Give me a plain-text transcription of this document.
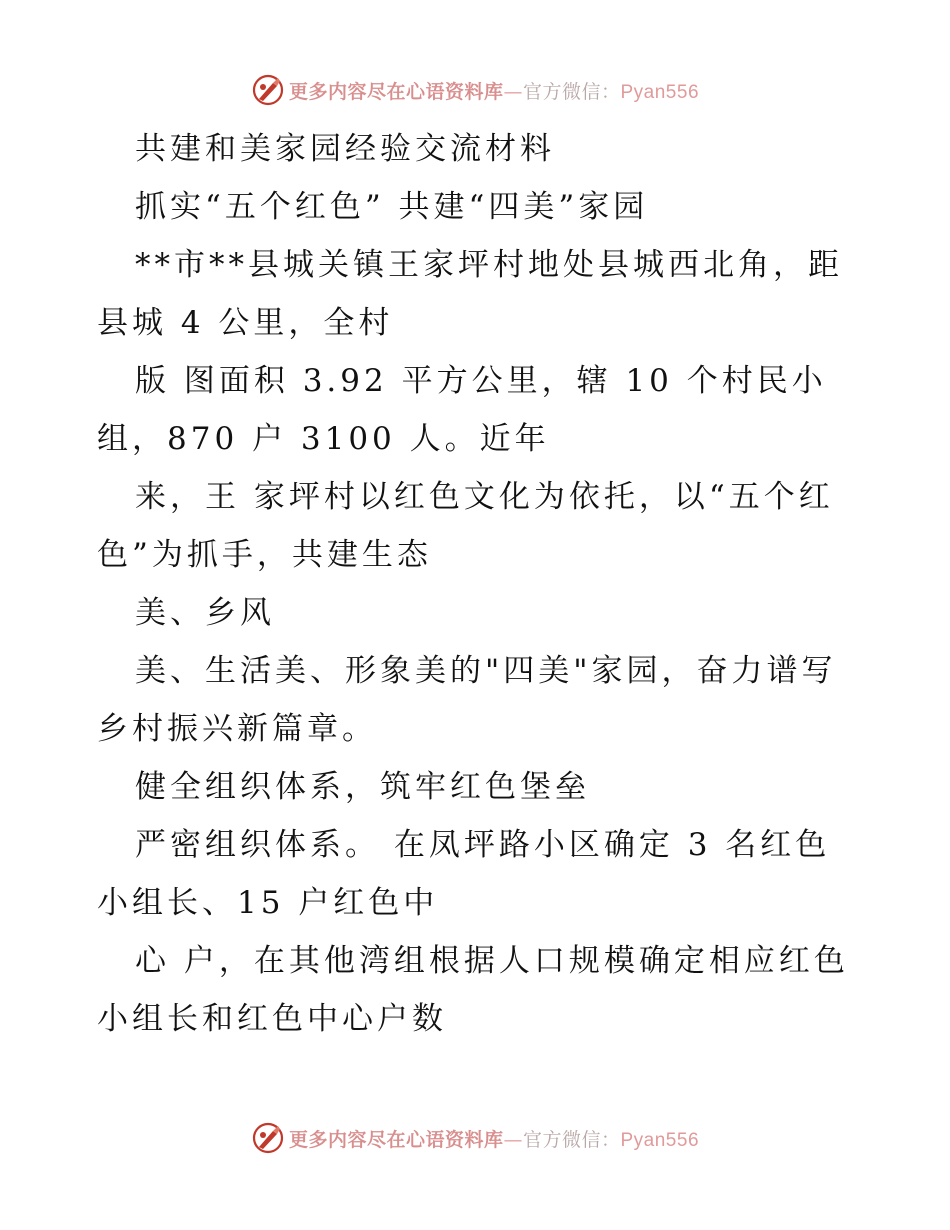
更多内容尽在心语资料库—官方微信：Pyan556

共建和美家园经验交流材料

抓实“五个红色” 共建“四美”家园

**市**县城关镇王家坪村地处县城西北角，距县城 4 公里，全村

版 图面积 3.92 平方公里，辖 10 个村民小组，870 户 3100 人。近年

来，王 家坪村以红色文化为依托，以“五个红色”为抓手，共建生态

美、乡风

美、生活美、形象美的"四美"家园，奋力谱写乡村振兴新篇章。

健全组织体系，筑牢红色堡垒

严密组织体系。 在凤坪路小区确定 3 名红色小组长、15 户红色中

心 户，在其他湾组根据人口规模确定相应红色小组长和红色中心户数

更多内容尽在心语资料库—官方微信：Pyan556
